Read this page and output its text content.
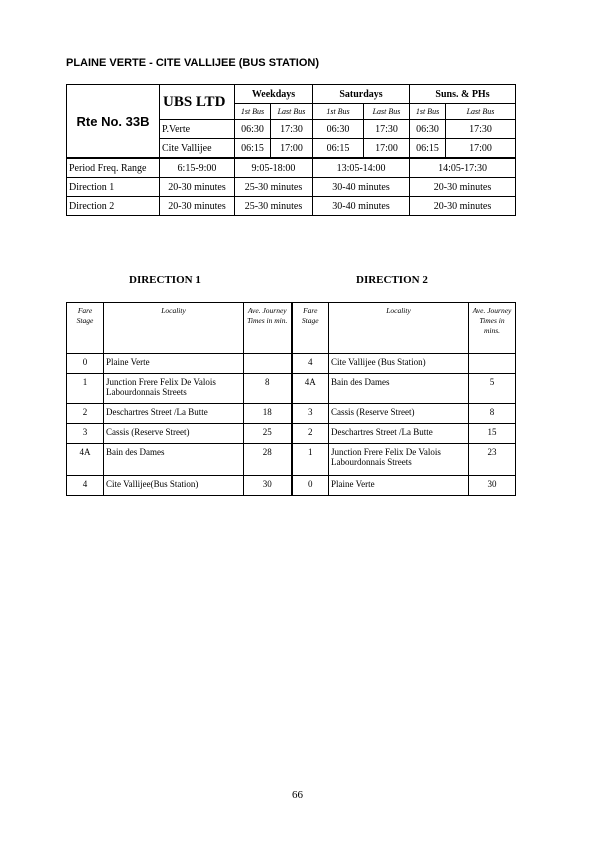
PLAINE VERTE - CITE VALLIJEE (BUS STATION)
Rte No. 33B	UBS LTD	Weekdays		Saturdays		Suns. & PHs	
		1st Bus	Last Bus	1st Bus	Last Bus	1st Bus	Last Bus
	P.Verte	06:30	17:30	06:30	17:30	06:30	17:30
	Cite Vallijee	06:15	17:00	06:15	17:00	06:15	17:00
Period Freq. Range	6:15-9:00	9:05-18:00		13:05-14:00		14:05-17:30	
Direction 1	20-30 minutes	25-30 minutes		30-40 minutes		20-30 minutes	
Direction 2	20-30 minutes	25-30 minutes		30-40 minutes		20-30 minutes	
DIRECTION 1	DIRECTION 2
Fare Stage	Locality	Ave. Journey Times in min.	Fare Stage	Locality	Ave. Journey Times in mins.
0	Plaine Verte		4	Cite Vallijee (Bus Station)	
1	Junction Frere Felix De Valois Labourdonnais Streets	8	4A	Bain des Dames	5
2	Deschartres Street /La Butte	18	3	Cassis (Reserve Street)	8
3	Cassis (Reserve Street)	25	2	Deschartres Street /La Butte	15
4A	Bain des Dames	28	1	Junction Frere Felix De Valois Labourdonnais Streets	23
4	Cite Vallijee(Bus Station)	30	0	Plaine Verte	30
66
